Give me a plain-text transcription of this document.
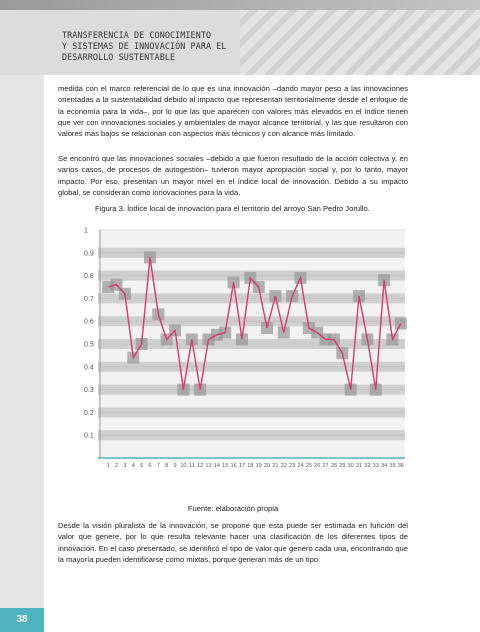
TRANSFERENCIA DE CONOCIMIENTO
Y SISTEMAS DE INNOVACIÓN PARA EL
DESARROLLO SUSTENTABLE
38
medida con el marco referencial de lo que es una innovación –dando mayor peso a las innovaciones orientadas a la sustentabilidad debido al impacto que representan territorialmente desde el enfoque de la economía para la vida–, por lo que las que aparecen con valores más elevados en el índice tienen que ver con innovaciones sociales y ambientales de mayor alcance territorial, y las que resultaron con valores más bajos se relacionan con aspectos más técnicos y con alcance más limitado.
Se encontró que las innovaciones sociales –debido a que fueron resultado de la acción colectiva y, en varios casos, de procesos de autogestión– tuvieron mayor apropiación social y, por lo tanto, mayor impacto. Por eso, presentan un mayor nivel en el índice local de innovación. Debido a su impacto global, se consideran como innovaciones para la vida.
Figura 3. Índice local de innovación para el territorio del arroyo San Pedro Jorullo.
0.1
0.2
0.3
0.4
0.5
0.6
0.7
0.8
0.9
1
1 2 3 4 5 6 7 8 9 10 11 12 13 14 15 16 17 18 19 20 21 22 23 24 25 26 27 28 29 30 31 32 33 34 35 36
Fuente: elaboración propia
Desde la visión pluralista de la innovación, se propone que esta puede ser estimada en función del valor que genere, por lo que resulta relevante hacer una clasificación de los diferentes tipos de innovación. En el caso presentado, se identificó el tipo de valor que generó cada una, encontrando que la mayoría pueden identificarse como mixtas, porque generan más de un tipo
